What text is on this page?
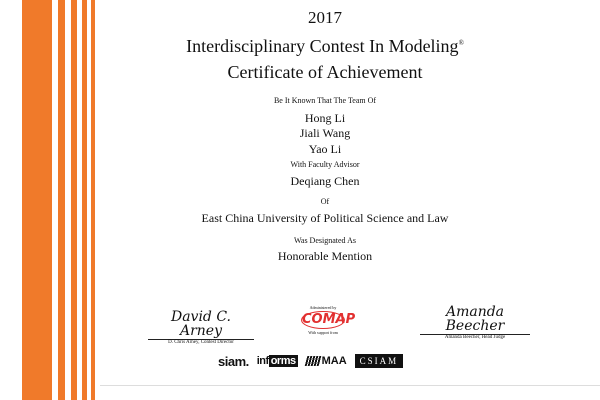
2017
Interdisciplinary Contest In Modeling®
Certificate of Achievement
Be It Known That The Team Of
Hong Li
Jiali Wang
Yao Li
With Faculty Advisor
Deqiang Chen
Of
East China University of Political Science and Law
Was Designated As
Honorable Mention
David C. Arney
D. Chris Arney, Contest Director
Administered by
COMAP
With support from
Amanda Beecher
Amanda Beecher, Head Judge
siam. inf orms MAA	CSIAM
